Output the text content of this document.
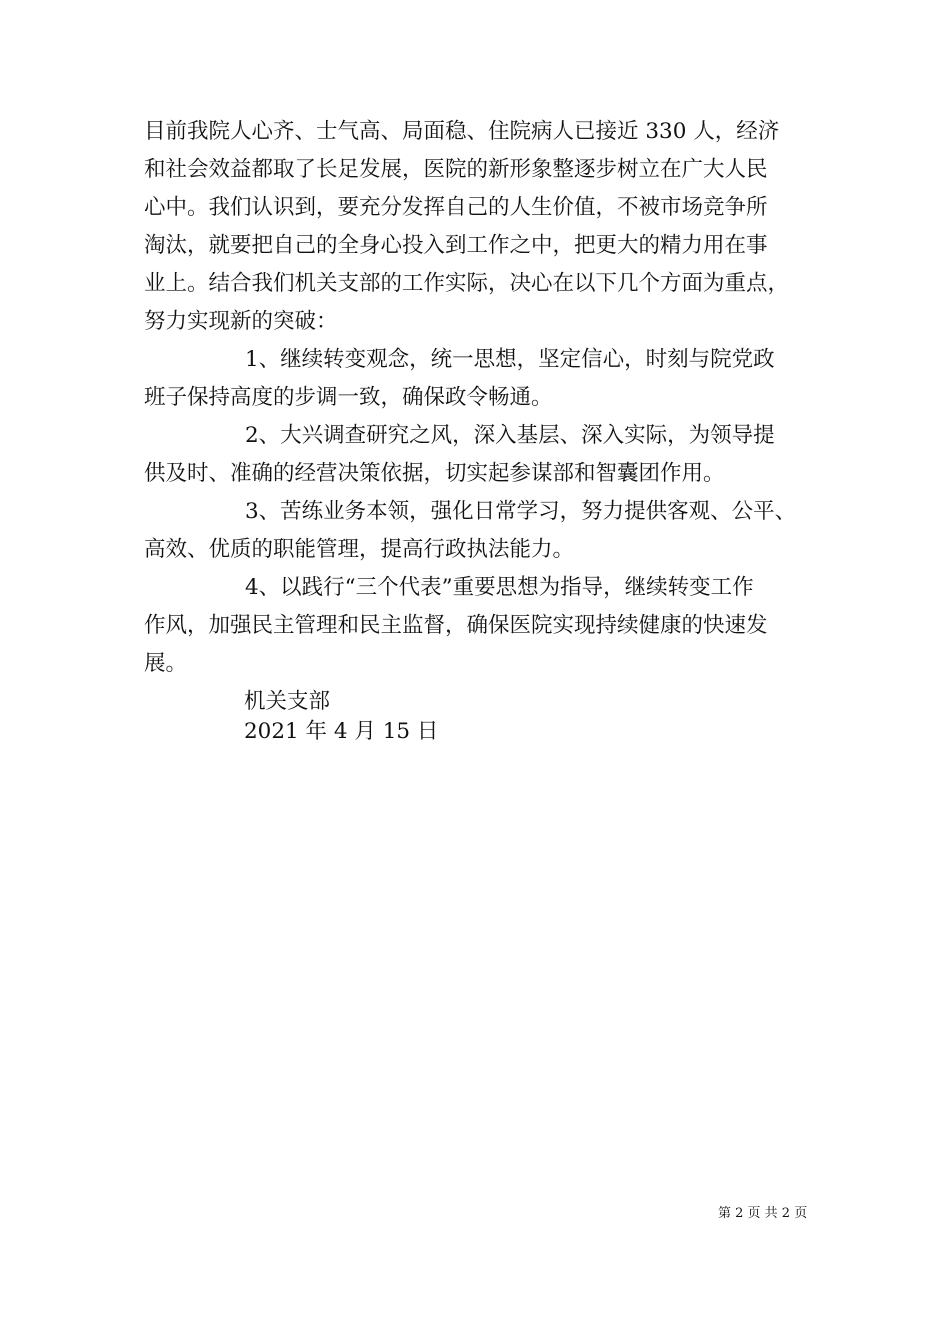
目前我院人心齐、士气高、局面稳、住院病人已接近 330 人，经济
和社会效益都取了长足发展，医院的新形象整逐步树立在广大人民
心中。我们认识到，要充分发挥自己的人生价值，不被市场竞争所
淘汰，就要把自己的全身心投入到工作之中，把更大的精力用在事
业上。结合我们机关支部的工作实际，决心在以下几个方面为重点，
努力实现新的突破：
1、继续转变观念，统一思想，坚定信心，时刻与院党政
班子保持高度的步调一致，确保政令畅通。
2、大兴调查研究之风，深入基层、深入实际，为领导提
供及时、准确的经营决策依据，切实起参谋部和智囊团作用。
3、苦练业务本领，强化日常学习，努力提供客观、公平、
高效、优质的职能管理，提高行政执法能力。
4、以践行“三个代表”重要思想为指导，继续转变工作
作风，加强民主管理和民主监督，确保医院实现持续健康的快速发
展。
机关支部
2021 年 4 月 15 日
第 2 页 共 2 页
